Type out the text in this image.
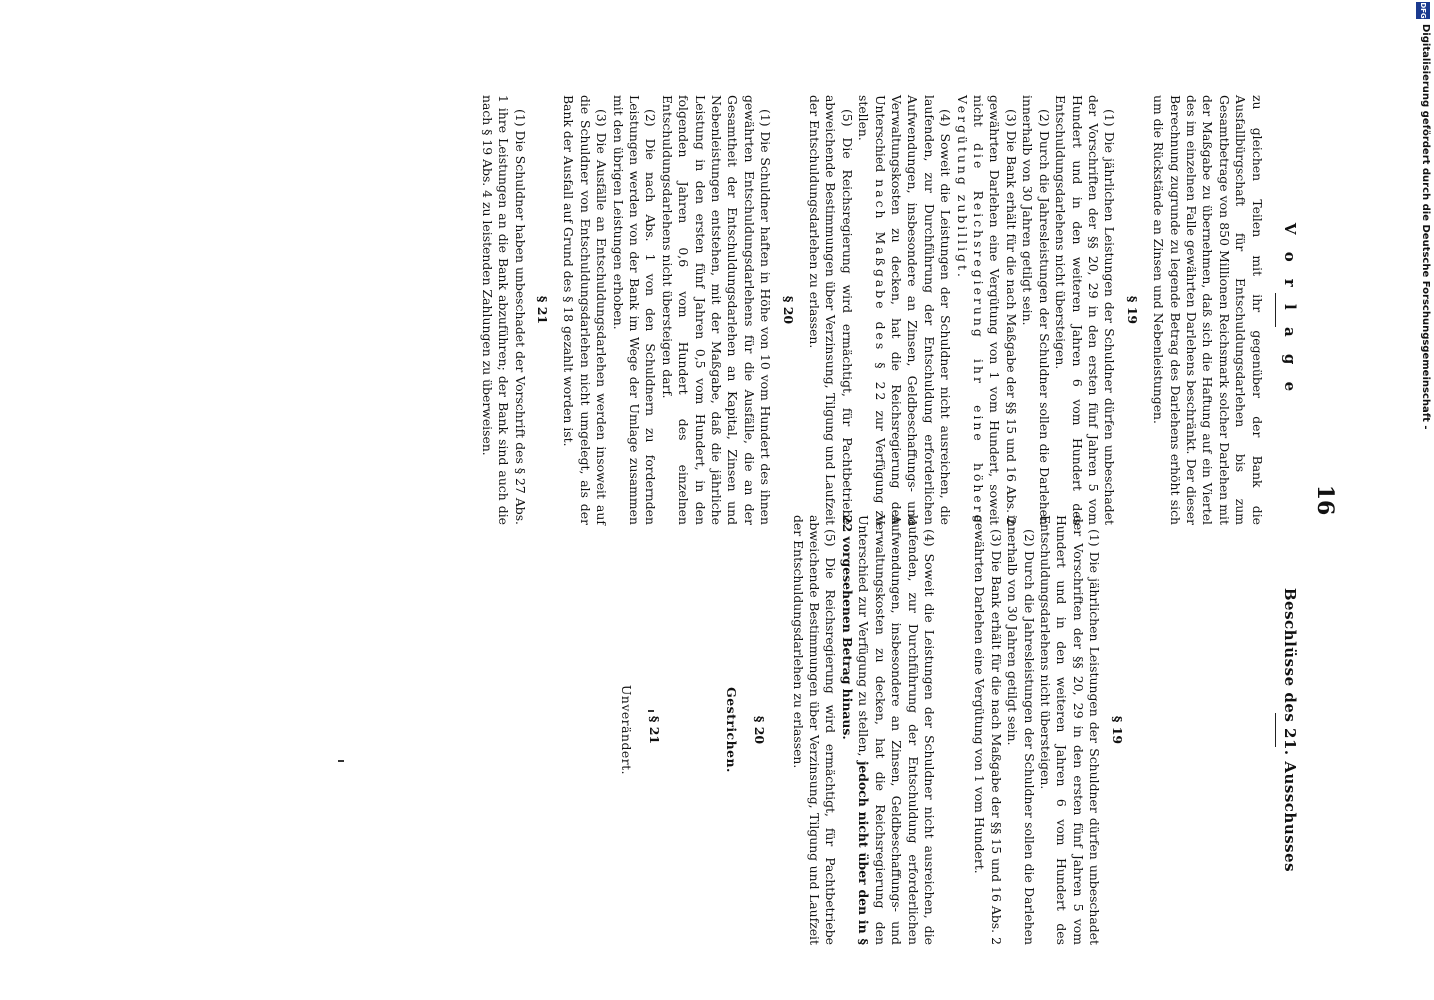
16
V o r l a g e

zu gleichen Teilen mit ihr gegenüber der Bank die Ausfallbürgschaft für Entschuldungsdarlehen bis zum Gesamtbetrage von 850 Millionen Reichsmark solcher Darlehen mit der Maßgabe zu übernehmen, daß sich die Haftung auf ein Viertel des im einzelnen Falle gewährten Darlehens beschränkt. Der dieser Berechnung zugrunde zu legende Betrag des Darlehens erhöht sich um die Rückstände an Zinsen und Nebenleistungen.

§ 19

(1) Die jährlichen Leistungen der Schuldner dürfen unbeschadet der Vorschriften der §§ 20, 29 in den ersten fünf Jahren 5 vom Hundert und in den weiteren Jahren 6 vom Hundert des Entschuldungsdarlehens nicht übersteigen.

(2) Durch die Jahresleistungen der Schuldner sollen die Darlehen innerhalb von 30 Jahren getilgt sein.

(3) Die Bank erhält für die nach Maßgabe der §§ 15 und 16 Abs. 2 gewährten Darlehen eine Vergütung von 1 vom Hundert, soweit nicht die Reichsregierung ihr eine höhere Vergütung zubilligt.

(4) Soweit die Leistungen der Schuldner nicht ausreichen, die laufenden, zur Durchführung der Entschuldung erforderlichen Aufwendungen, insbesondere an Zinsen, Geldbeschaffungs- und Verwaltungskosten zu decken, hat die Reichsregierung den Unterschied nach Maßgabe des § 22 zur Verfügung zu stellen.

(5) Die Reichsregierung wird ermächtigt, für Pachtbetriebe abweichende Bestimmungen über Verzinsung, Tilgung und Laufzeit der Entschuldungsdarlehen zu erlassen.

§ 20

(1) Die Schuldner haften in Höhe von 10 vom Hundert des ihnen gewährten Entschuldungsdarlehens für die Ausfälle, die an der Gesamtheit der Entschuldungsdarlehen an Kapital, Zinsen und Nebenleistungen entstehen, mit der Maßgabe, daß die jährliche Leistung in den ersten fünf Jahren 0,5 vom Hundert, in den folgenden Jahren 0,6 vom Hundert des einzelnen Entschuldungsdarlehens nicht übersteigen darf.

(2) Die nach Abs. 1 von den Schuldnern zu fordernden Leistungen werden von der Bank im Wege der Umlage zusammen mit den übrigen Leistungen erhoben.

(3) Die Ausfälle an Entschuldungsdarlehen werden insoweit auf die Schuldner von Entschuldungsdarlehen nicht umgelegt, als der Bank der Ausfall auf Grund des § 18 gezahlt worden ist.

§ 21

(1) Die Schuldner haben unbeschadet der Vorschrift des § 27 Abs. 1 ihre Leistungen an die Bank abzuführen; der Bank sind auch die nach § 19 Abs. 4 zu leistenden Zahlungen zu überweisen.

Beschlüsse des 21. Ausschusses
§ 19

(1) Die jährlichen Leistungen der Schuldner dürfen unbeschadet der Vorschriften der §§ 20, 29 in den ersten fünf Jahren 5 vom Hundert und in den weiteren Jahren 6 vom Hundert des Entschuldungsdarlehens nicht übersteigen.

(2) Durch die Jahresleistungen der Schuldner sollen die Darlehen innerhalb von 30 Jahren getilgt sein.

(3) Die Bank erhält für die nach Maßgabe der §§ 15 und 16 Abs. 2 gewährten Darlehen eine Vergütung von 1 vom Hundert.

(4) Soweit die Leistungen der Schuldner nicht ausreichen, die laufenden, zur Durchführung der Entschuldung erforderlichen Aufwendungen, insbesondere an Zinsen, Geldbeschaffungs- und Verwaltungskosten zu decken, hat die Reichsregierung den Unterschied zur Verfügung zu stellen, jedoch nicht über den in § 22 vorgesehenen Betrag hinaus.

(5) Die Reichsregierung wird ermächtigt, für Pachtbetriebe abweichende Bestimmungen über Verzinsung, Tilgung und Laufzeit der Entschuldungsdarlehen zu erlassen.

§ 20
Gestrichen.
§ 21
Unverändert.
DFG
Digitalisierung gefördert durch die Deutsche Forschungsgemeinschaft -
